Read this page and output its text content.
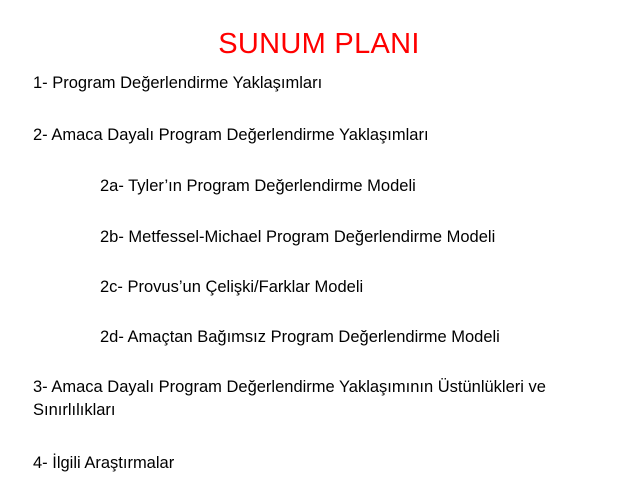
SUNUM PLANI
1- Program Değerlendirme Yaklaşımları
2- Amaca Dayalı Program Değerlendirme Yaklaşımları
2a- Tyler’ın Program Değerlendirme Modeli
2b- Metfessel-Michael Program Değerlendirme Modeli
2c- Provus’un Çelişki/Farklar Modeli
2d- Amaçtan Bağımsız Program Değerlendirme Modeli
3- Amaca Dayalı Program Değerlendirme Yaklaşımının Üstünlükleri ve Sınırlılıkları
4- İlgili Araştırmalar
